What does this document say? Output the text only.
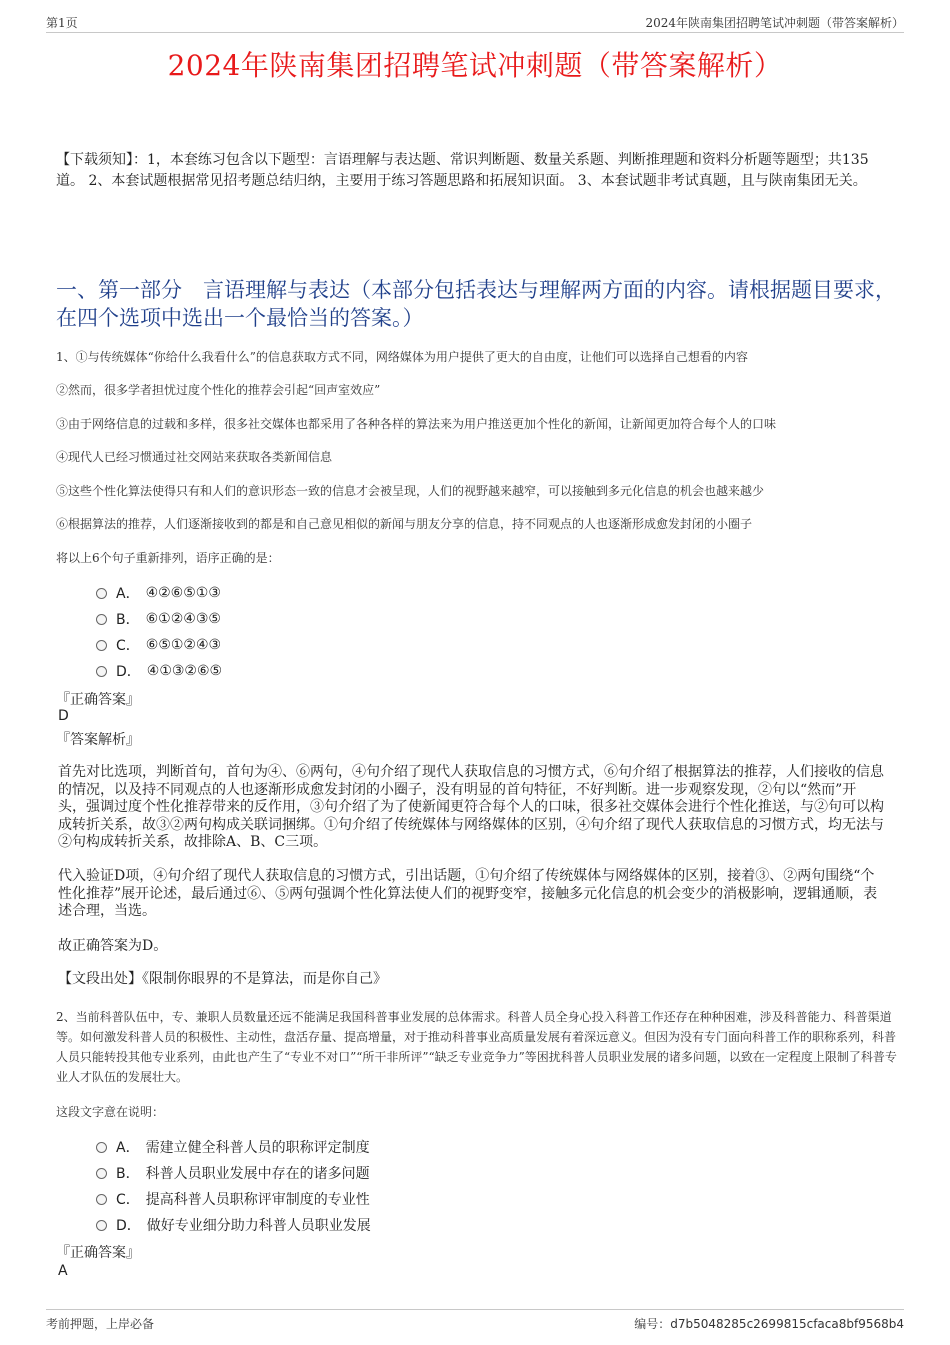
第1页	2024年陕南集团招聘笔试冲刺题（带答案解析）
2024年陕南集团招聘笔试冲刺题（带答案解析）
【下载须知】：1，本套练习包含以下题型：言语理解与表达题、常识判断题、数量关系题、判断推理题和资料分析题等题型；共135道。 2、本套试题根据常见招考题总结归纳，主要用于练习答题思路和拓展知识面。 3、本套试题非考试真题，且与陕南集团无关。
一、第一部分　言语理解与表达（本部分包括表达与理解两方面的内容。请根据题目要求，在四个选项中选出一个最恰当的答案。）
1、①与传统媒体“你给什么我看什么”的信息获取方式不同，网络媒体为用户提供了更大的自由度，让他们可以选择自己想看的内容
②然而，很多学者担忧过度个性化的推荐会引起“回声室效应”
③由于网络信息的过载和多样，很多社交媒体也都采用了各种各样的算法来为用户推送更加个性化的新闻，让新闻更加符合每个人的口味
④现代人已经习惯通过社交网站来获取各类新闻信息
⑤这些个性化算法使得只有和人们的意识形态一致的信息才会被呈现，人们的视野越来越窄，可以接触到多元化信息的机会也越来越少
⑥根据算法的推荐，人们逐渐接收到的都是和自己意见相似的新闻与朋友分享的信息，持不同观点的人也逐渐形成愈发封闭的小圈子
将以上6个句子重新排列，语序正确的是：
A． ④②⑥⑤①③
B． ⑥①②④③⑤
C． ⑥⑤①②④③
D． ④①③②⑥⑤
『正确答案』
D
『答案解析』
首先对比选项，判断首句，首句为④、⑥两句，④句介绍了现代人获取信息的习惯方式，⑥句介绍了根据算法的推荐，人们接收的信息的情况，以及持不同观点的人也逐渐形成愈发封闭的小圈子，没有明显的首句特征，不好判断。进一步观察发现，②句以“然而”开头，强调过度个性化推荐带来的反作用，③句介绍了为了使新闻更符合每个人的口味，很多社交媒体会进行个性化推送，与②句可以构成转折关系，故③②两句构成关联词捆绑。①句介绍了传统媒体与网络媒体的区别，④句介绍了现代人获取信息的习惯方式，均无法与②句构成转折关系，故排除A、B、C三项。
代入验证D项，④句介绍了现代人获取信息的习惯方式，引出话题，①句介绍了传统媒体与网络媒体的区别，接着③、②两句围绕“个性化推荐”展开论述，最后通过⑥、⑤两句强调个性化算法使人们的视野变窄，接触多元化信息的机会变少的消极影响，逻辑通顺，表述合理，当选。
故正确答案为D。
【文段出处】《限制你眼界的不是算法，而是你自己》
2、当前科普队伍中，专、兼职人员数量还远不能满足我国科普事业发展的总体需求。科普人员全身心投入科普工作还存在种种困难，涉及科普能力、科普渠道等。如何激发科普人员的积极性、主动性，盘活存量、提高增量，对于推动科普事业高质量发展有着深远意义。但因为没有专门面向科普工作的职称系列，科普人员只能转投其他专业系列，由此也产生了“专业不对口”“所干非所评”“缺乏专业竞争力”等困扰科普人员职业发展的诸多问题，以致在一定程度上限制了科普专业人才队伍的发展壮大。
这段文字意在说明：
A． 需建立健全科普人员的职称评定制度
B． 科普人员职业发展中存在的诸多问题
C． 提高科普人员职称评审制度的专业性
D． 做好专业细分助力科普人员职业发展
『正确答案』
A
考前押题，上岸必备	编号：d7b5048285c2699815cfaca8bf9568b4
